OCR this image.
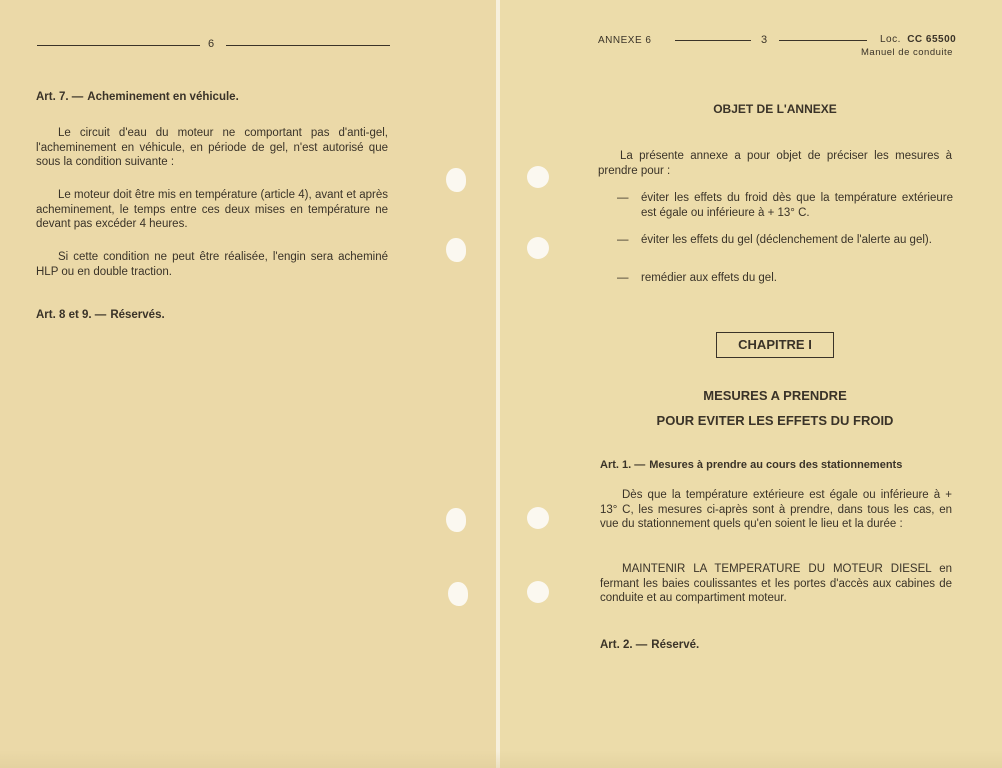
6
Art. 7. — Acheminement en véhicule.
Le circuit d'eau du moteur ne comportant pas d'anti-gel, l'acheminement en véhicule, en période de gel, n'est autorisé que sous la condition suivante :
Le moteur doit être mis en température (article 4), avant et après acheminement, le temps entre ces deux mises en température ne devant pas excéder 4 heures.
Si cette condition ne peut être réalisée, l'engin sera acheminé HLP ou en double traction.
Art. 8 et 9. — Réservés.
ANNEXE 6	3	Loc. CC 65500
Manuel de conduite
OBJET DE L'ANNEXE
La présente annexe a pour objet de préciser les mesures à prendre pour :
— éviter les effets du froid dès que la température extérieure est égale ou inférieure à + 13° C.
— éviter les effets du gel (déclenchement de l'alerte au gel).
— remédier aux effets du gel.
CHAPITRE I
MESURES A PRENDRE
POUR EVITER LES EFFETS DU FROID
Art. 1. — Mesures à prendre au cours des stationnements
Dès que la température extérieure est égale ou inférieure à + 13° C, les mesures ci-après sont à prendre, dans tous les cas, en vue du stationnement quels qu'en soient le lieu et la durée :
MAINTENIR LA TEMPERATURE DU MOTEUR DIESEL en fermant les baies coulissantes et les portes d'accès aux cabines de conduite et au compartiment moteur.
Art. 2. — Réservé.
